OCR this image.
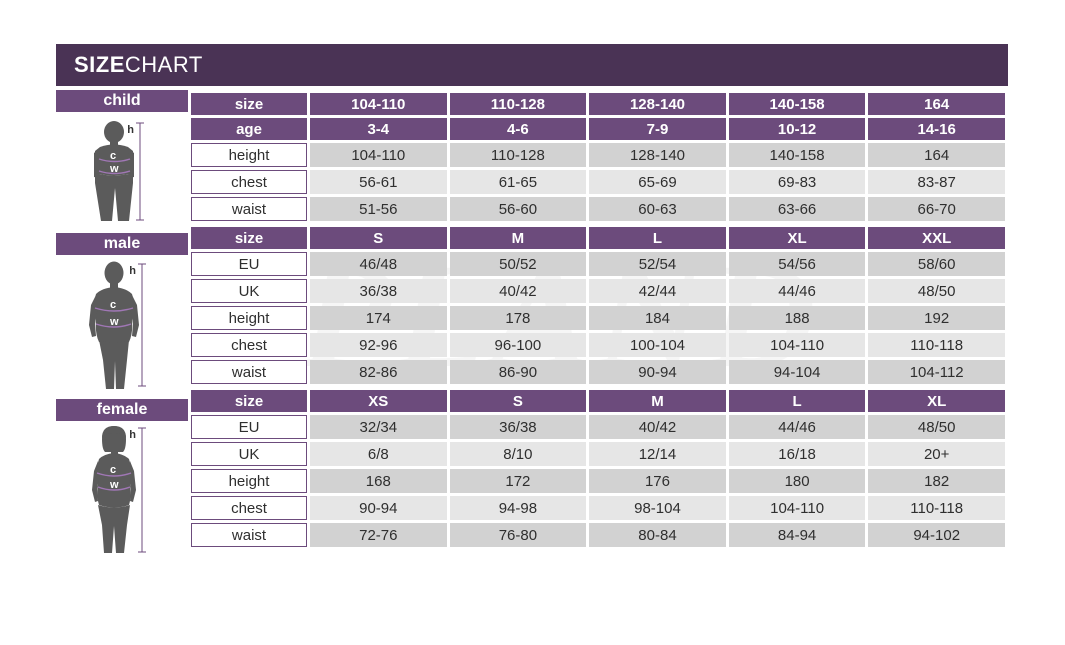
SIZECHART
child
h
c
w
male
h
c
w
female
h
c
w
size	104-110	110-128	128-140	140-158	164
age	3-4	4-6	7-9	10-12	14-16
height	104-110	110-128	128-140	140-158	164
chest	56-61	61-65	65-69	69-83	83-87
waist	51-56	56-60	60-63	63-66	66-70
size	S	M	L	XL	XXL
EU	46/48	50/52	52/54	54/56	58/60
UK	36/38	40/42	42/44	44/46	48/50
height	174	178	184	188	192
chest	92-96	96-100	100-104	104-110	110-118
waist	82-86	86-90	90-94	94-104	104-112
size	XS	S	M	L	XL
EU	32/34	36/38	40/42	44/46	48/50
UK	6/8	8/10	12/14	16/18	20+
height	168	172	176	180	182
chest	90-94	94-98	98-104	104-110	110-118
waist	72-76	76-80	80-84	84-94	94-102
